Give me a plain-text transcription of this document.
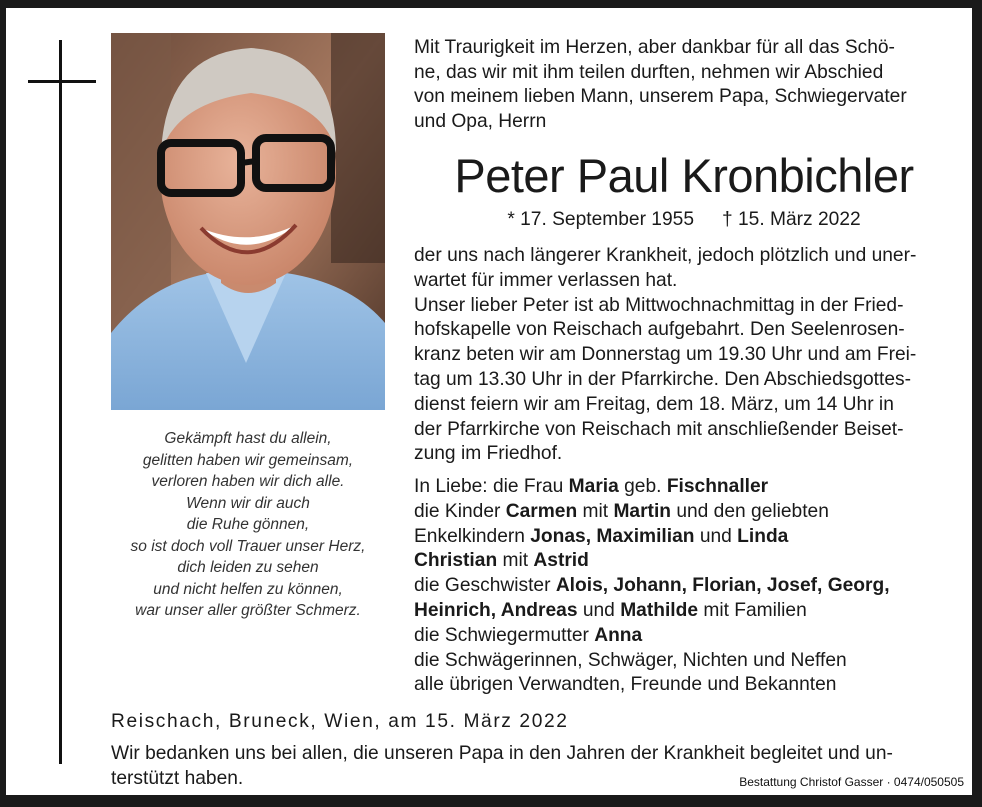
Gekämpft hast du allein,
gelitten haben wir gemeinsam,
verloren haben wir dich alle.
Wenn wir dir auch
die Ruhe gönnen,
so ist doch voll Trauer unser Herz,
dich leiden zu sehen
und nicht helfen zu können,
war unser aller größter Schmerz.
Mit Traurigkeit im Herzen, aber dankbar für all das Schö-
ne, das wir mit ihm teilen durften, nehmen wir Abschied
von meinem lieben Mann, unserem Papa, Schwiegervater
und Opa, Herrn
Peter Paul Kronbichler
* 17. September 1955 † 15. März 2022
der uns nach längerer Krankheit, jedoch plötzlich und uner-
wartet für immer verlassen hat.
Unser lieber Peter ist ab Mittwochnachmittag in der Fried-
hofskapelle von Reischach aufgebahrt. Den Seelenrosen-
kranz beten wir am Donnerstag um 19.30 Uhr und am Frei-
tag um 13.30 Uhr in der Pfarrkirche. Den Abschiedsgottes-
dienst feiern wir am Freitag, dem 18. März, um 14 Uhr in
der Pfarrkirche von Reischach mit anschließender Beiset-
zung im Friedhof.
In Liebe: die Frau Maria geb. Fischnaller
die Kinder Carmen mit Martin und den geliebten
Enkelkindern Jonas, Maximilian und Linda
Christian mit Astrid
die Geschwister Alois, Johann, Florian, Josef, Georg,
Heinrich, Andreas und Mathilde mit Familien
die Schwiegermutter Anna
die Schwägerinnen, Schwäger, Nichten und Neffen
alle übrigen Verwandten, Freunde und Bekannten
Reischach, Bruneck, Wien, am 15. März 2022
Wir bedanken uns bei allen, die unseren Papa in den Jahren der Krankheit begleitet und un-
terstützt haben.	Bestattung Christof Gasser · 0474/050505
